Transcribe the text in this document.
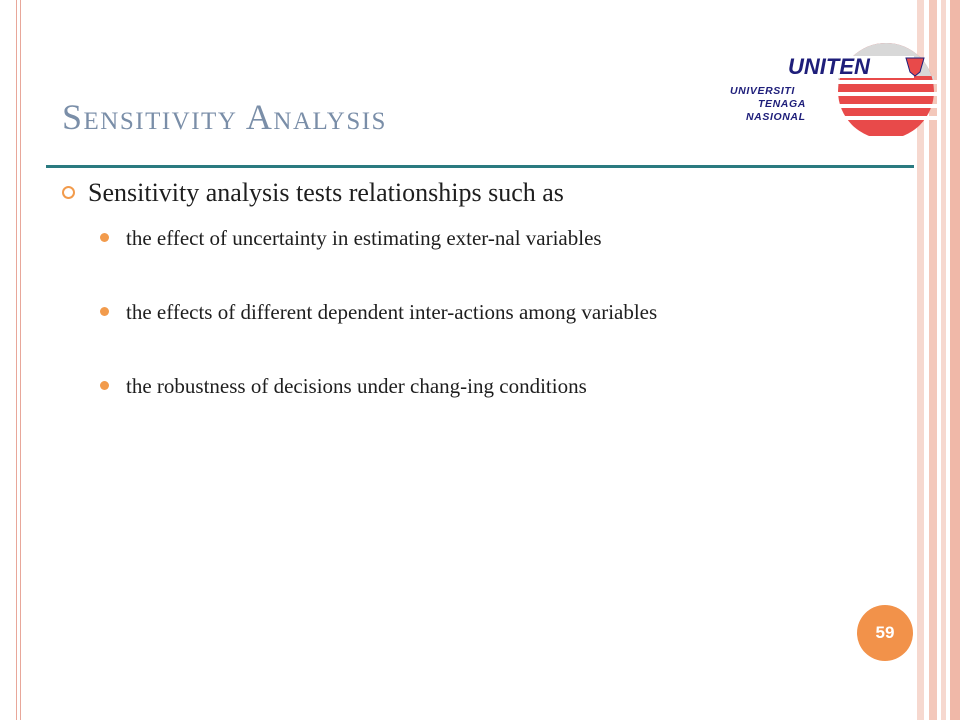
UNITEN
UNIVERSITI
TENAGA
NASIONAL
Sensitivity Analysis

Sensitivity analysis tests relationships such as

the effect of uncertainty in estimating exter-nal variables
the effects of different dependent inter-actions among variables
the robustness of decisions under chang-ing conditions
59
